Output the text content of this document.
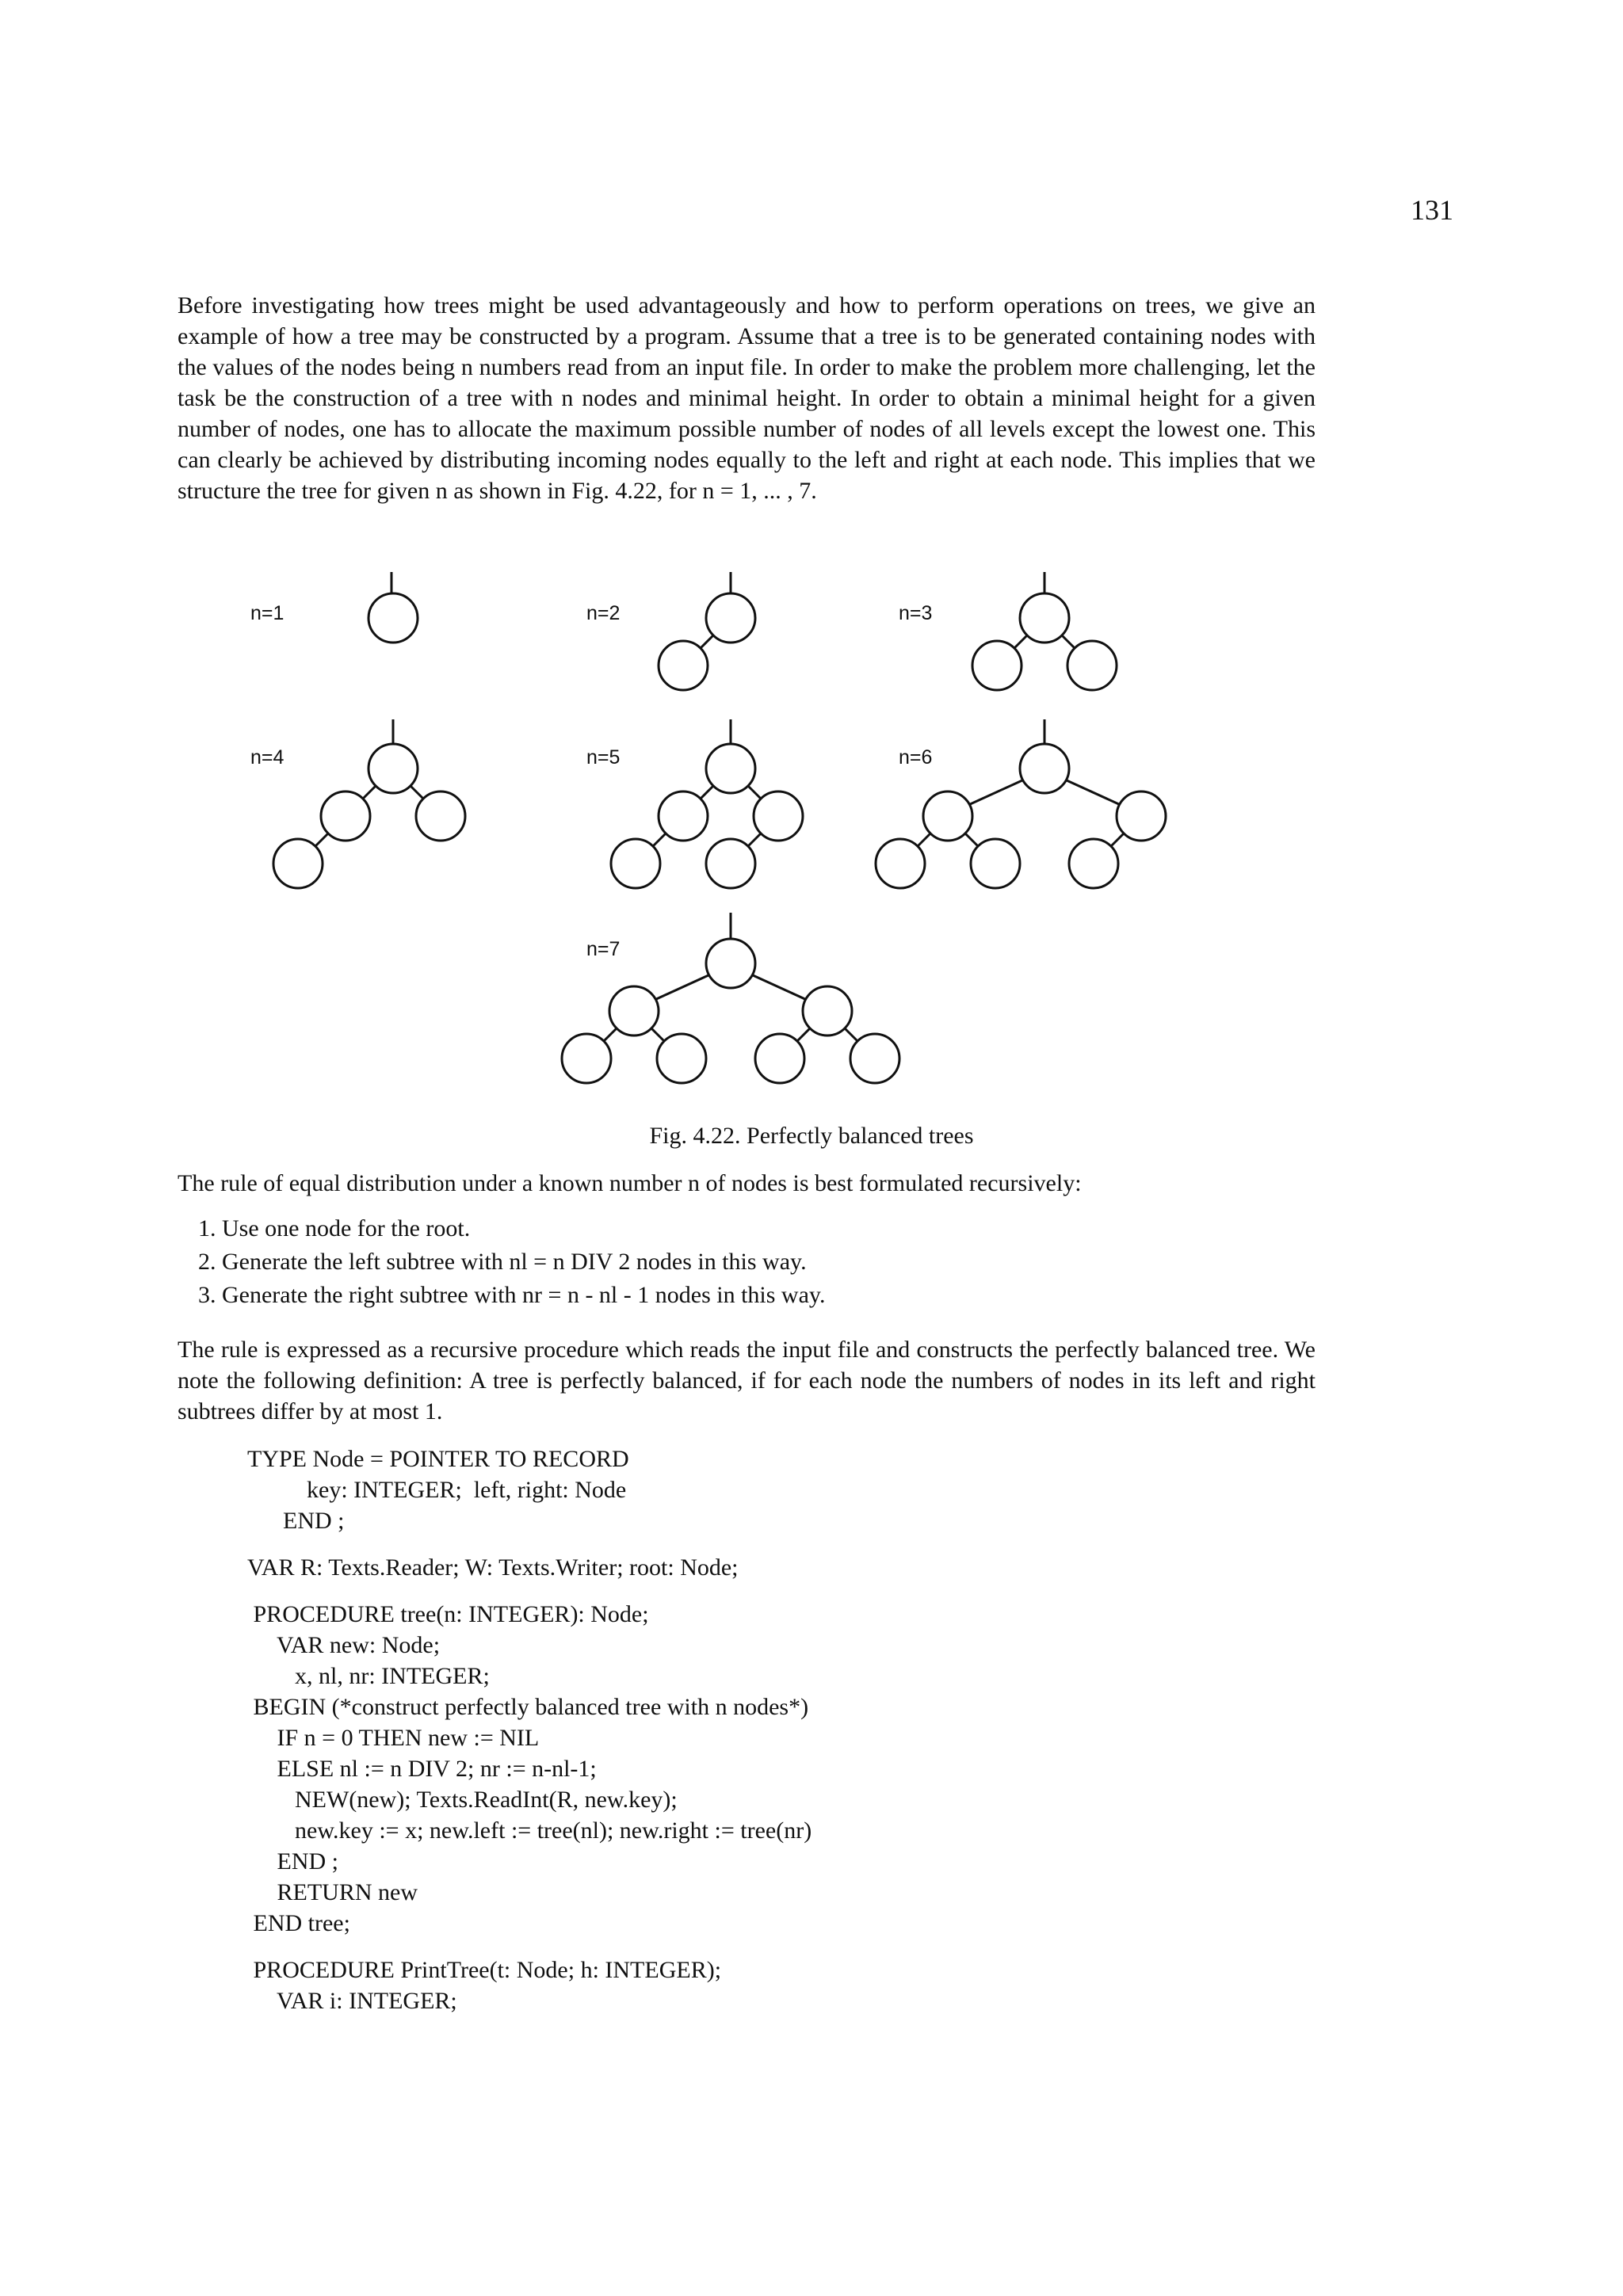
131

Before investigating how trees might be used advantageously and how to perform operations on trees, we give an example of how a tree may be constructed by a program. Assume that a tree is to be generated containing nodes with the values of the nodes being n numbers read from an input file. In order to make the problem more challenging, let the task be the construction of a tree with n nodes and minimal height. In order to obtain a minimal height for a given number of nodes, one has to allocate the maximum possible number of nodes of all levels except the lowest one. This can clearly be achieved by distributing incoming nodes equally to the left and right at each node. This implies that we structure the tree for given n as shown in Fig. 4.22, for n = 1, ... , 7.

n=1	n=2	n=3
n=4	n=5	n=6
n=7
Fig. 4.22. Perfectly balanced trees

The rule of equal distribution under a known number n of nodes is best formulated recursively:

1. Use one node for the root.
2. Generate the left subtree with nl = n DIV 2 nodes in this way.
3. Generate the right subtree with nr = n - nl - 1 nodes in this way.

The rule is expressed as a recursive procedure which reads the input file and constructs the perfectly balanced tree. We note the following definition: A tree is perfectly balanced, if for each node the numbers of nodes in its left and right subtrees differ by at most 1.

TYPE Node = POINTER TO RECORD
key: INTEGER;  left, right: Node
END ;
VAR R: Texts.Reader; W: Texts.Writer; root: Node;
PROCEDURE tree(n: INTEGER): Node;
VAR new: Node;
x, nl, nr: INTEGER;
BEGIN (*construct perfectly balanced tree with n nodes*)
IF n = 0 THEN new := NIL
ELSE nl := n DIV 2; nr := n-nl-1;
NEW(new); Texts.ReadInt(R, new.key);
new.key := x; new.left := tree(nl); new.right := tree(nr)
END ;
RETURN new
END tree;
PROCEDURE PrintTree(t: Node; h: INTEGER);
VAR i: INTEGER;
